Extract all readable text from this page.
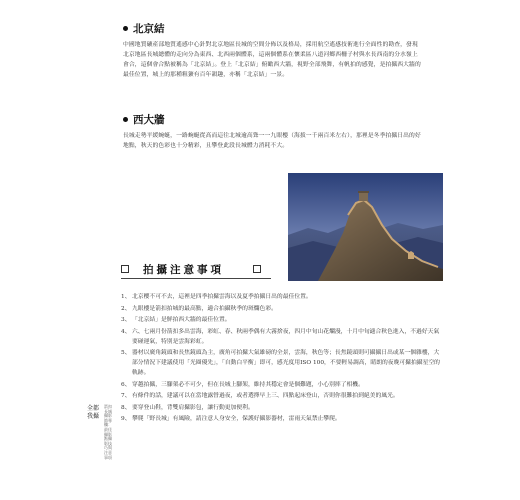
北京結
中國地質礦產部地質遙感中心針對北京地區長城的空間分佈以及格局，採用航空遙感技術進行全面性的勘查，發現北京地區長城總體的走向分為東西、北西兩個體系，這兩個體系在懷柔區八道河鄉西柵子村與水長西南的分水嶺上會合，這個會合點被稱為「北京結」。登上「北京結」俯瞰西大牆，視野全部飛舞，有帆拍的感覺，是拍攝西大牆的最佳位置，城上的那種粗獷有百年韻趣，亦稱「北京結」一景。
西大牆
長城走勢平緩蜿蜒，一路蜿蜒從高而這往北城逾高聳一一九眼樓（海拔一千兩百米左右），那裡是冬季拍攝日出的好地點，秋天的色彩也十分精彩，且攀登此段長城體力消耗不大。
拍攝注意事項
1、 北京櫻不可不去，這裡是四季拍攝雲海以及夏季拍攝日出的最佳位置。
2、 九眼樓是箭扣拍城的最高點，適合拍攝秋季的斑爛色彩。
3、 「北京結」是鮮拍西大牆的最佳位置。
4、 六、七兩月份箭扣多出雲海，彩虹、春、秋兩季偶有大霧捨夜，四月中旬山花爛漫，十月中旬適合秋色進入，不過好天氣要碰運氣，特別是雲海彩虹。
5、 器材以廣角鏡頭和長焦鏡頭為主，廣角可拍攝大氣雄磅的全景，雲海，秋色等；長焦鏡頭則可攝攝日出或某一個雜樓，大部分情況下建議使用「光圈優先」，「自動白平衡」即可，感光度用ISO 100，不要輕易調高，睛朗的夜晚可攝拍攝星空的軌跡。
6、 穿越拍攝，三腳架必不可少，但在長城上腳架，維持其穩定會是個難題，小心別摔了相機。
7、 有條件的話，建議可以在當地露營過夜，或者選擇早上三、四點起床登山，否則你很難拍到絕美的風光。
8、 要穿登山鞋，背雙肩攝影包，讓行動更加便利。
9、 攀爬「野長城」有風險，請注意人身安全，保護好攝影器材，雷雨天氣禁止攀爬。
全都我攝
箭扣長城攝影節專欄：最佳攝影點攝影技巧與注意事項
